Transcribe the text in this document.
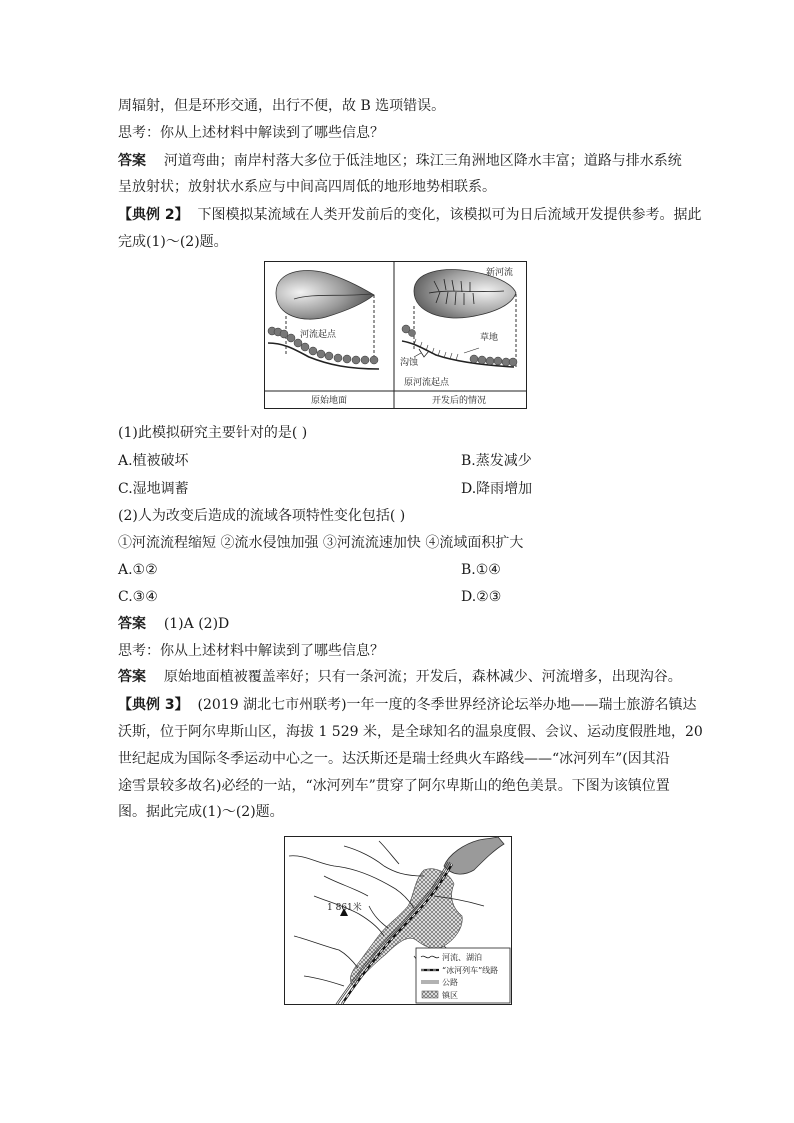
周辐射，但是环形交通，出行不便，故 B 选项错误。
思考：你从上述材料中解读到了哪些信息？
答案 河道弯曲；南岸村落大多位于低洼地区；珠江三角洲地区降水丰富；道路与排水系统
呈放射状；放射状水系应与中间高四周低的地形地势相联系。
【典例 2】 下图模拟某流域在人类开发前后的变化，该模拟可为日后流域开发提供参考。据此
完成(1)～(2)题。
河流起点
原始地面
新河流
草地
沟蚀
原河流起点
开发后的情况
(1)此模拟研究主要针对的是( )
A.植被破坏	B.蒸发减少
C.湿地调蓄	D.降雨增加
(2)人为改变后造成的流域各项特性变化包括( )
①河流流程缩短 ②流水侵蚀加强 ③河流流速加快 ④流域面积扩大
A.①②	B.①④
C.③④	D.②③
答案 (1)A (2)D
思考：你从上述材料中解读到了哪些信息？
答案 原始地面植被覆盖率好；只有一条河流；开发后，森林减少、河流增多，出现沟谷。
【典例 3】 (2019 湖北七市州联考)一年一度的冬季世界经济论坛举办地——瑞士旅游名镇达
沃斯，位于阿尔卑斯山区，海拔 1 529 米，是全球知名的温泉度假、会议、运动度假胜地，20
世纪起成为国际冬季运动中心之一。达沃斯还是瑞士经典火车路线——“冰河列车”(因其沿
途雪景较多故名)必经的一站，“冰河列车”贯穿了阿尔卑斯山的绝色美景。下图为该镇位置
图。据此完成(1)～(2)题。
1 861米
河流、湖泊
“冰河列车”线路
公路
镇区
